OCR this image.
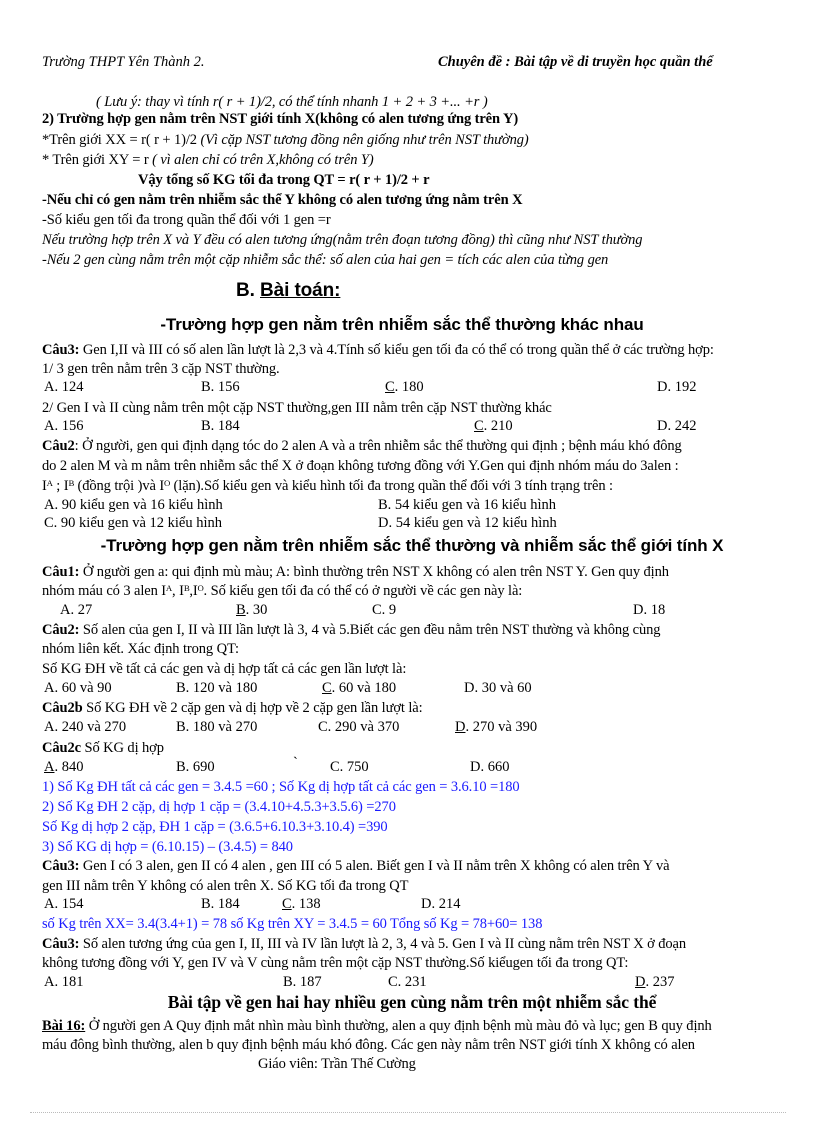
Trường THPT Yên Thành 2.	Chuyên đề : Bài tập về di truyền học quần thể
( Lưu ý: thay vì tính r( r + 1)/2, có thể tính nhanh 1 + 2 + 3 +... +r )
2) Trường hợp gen nằm trên NST giới tính X(không có alen tương ứng trên Y)
*Trên giới XX = r( r + 1)/2 (Vì cặp NST tương đồng nên giống như trên NST thường)
* Trên giới XY = r ( vì alen chỉ có trên X,không có trên Y)
Vậy tổng số KG tối đa trong QT = r( r + 1)/2 + r
-Nếu chỉ có gen nằm trên nhiễm sắc thể Y không có alen tương ứng nằm trên X
-Số kiểu gen tối đa trong quần thể đối với 1 gen =r
Nếu trường hợp trên X và Y đều có alen tương ứng(nằm trên đoạn tương đồng) thì cũng như NST thường
-Nếu 2 gen cùng nằm trên một cặp nhiễm sắc thể: số alen của hai gen = tích các alen của từng gen
B. Bài toán:
-Trường hợp gen nằm trên nhiễm sắc thể thường khác nhau
Câu3: Gen I,II và III có số alen lần lượt là 2,3 và 4.Tính số kiểu gen tối đa có thể có trong quần thể ở các trường hợp:
1/ 3 gen trên nằm trên 3 cặp NST thường.
A. 124	B. 156	C. 180	D. 192
2/ Gen I và II cùng nằm trên một cặp NST thường,gen III nằm trên cặp NST thường khác
A. 156	B. 184	C. 210	D. 242
Câu2: Ở người, gen qui định dạng tóc do 2 alen A và a trên nhiễm sắc thể thường qui định ; bệnh máu khó đông
do 2 alen M và m nằm trên nhiễm sắc thể X ở đoạn không tương đồng với Y.Gen qui định nhóm máu do 3alen :
Iᴬ ; Iᴮ (đồng trội )và Iᴼ (lặn).Số kiểu gen và kiểu hình tối đa trong quần thể đối với 3 tính trạng trên :
A. 90 kiểu gen và 16 kiểu hình	B. 54 kiểu gen và 16 kiểu hình
C. 90 kiểu gen và 12 kiểu hình	D. 54 kiểu gen và 12 kiểu hình
-Trường hợp gen nằm trên nhiễm sắc thể thường và nhiễm sắc thể giới tính X
Câu1: Ở người gen a: qui định mù màu; A: bình thường trên NST X không có alen trên NST Y. Gen quy định
nhóm máu có 3 alen Iᴬ, Iᴮ,Iᴼ. Số kiểu gen tối đa có thể có ở người về các gen này là:
A. 27	B. 30	C. 9	D. 18
Câu2: Số alen của gen I, II và III lần lượt là 3, 4 và 5.Biết các gen đều nằm trên NST thường và không cùng
nhóm liên kết. Xác định trong QT:
Số KG ĐH về tất cả các gen và dị hợp tất cả các gen lần lượt là:
A. 60 và 90	B. 120 và 180	C. 60 và 180	D. 30 và 60
Câu2b Số KG ĐH về 2 cặp gen và dị hợp về 2 cặp gen lần lượt là:
A. 240 và 270	B. 180 và 270	C. 290 và 370	D. 270 và 390
Câu2c Số KG dị hợp
A. 840	B. 690	` C. 750	D. 660
1) Số Kg ĐH tất cả các gen = 3.4.5 =60 ; Số Kg dị hợp tất cả các gen = 3.6.10 =180
2) Số Kg ĐH 2 cặp, dị hợp 1 cặp = (3.4.10+4.5.3+3.5.6) =270
Số Kg dị hợp 2 cặp, ĐH 1 cặp = (3.6.5+6.10.3+3.10.4) =390
3) Số KG dị hợp = (6.10.15) – (3.4.5) = 840
Câu3: Gen I có 3 alen, gen II có 4 alen , gen III có 5 alen. Biết gen I và II nằm trên X không có alen trên Y và
gen III nằm trên Y không có alen trên X. Số KG tối đa trong QT
A. 154	B. 184	C. 138	D. 214
số Kg trên XX= 3.4(3.4+1) = 78 số Kg trên XY = 3.4.5 = 60 Tổng số Kg = 78+60= 138
Câu3: Số alen tương ứng của gen I, II, III và IV lần lượt là 2, 3, 4 và 5. Gen I và II cùng nằm trên NST X ở đoạn
không tương đồng với Y, gen IV và V cùng nằm trên một cặp NST thường.Số kiểugen tối đa trong QT:
A. 181	B. 187	C. 231	D. 237
Bài tập về gen hai hay nhiều gen cùng nằm trên một nhiễm sắc thể
Bài 16: Ở người gen A Quy định mắt nhìn màu bình thường, alen a quy định bệnh mù màu đỏ và lục; gen B quy định
máu đông bình thường, alen b quy định bệnh máu khó đông. Các gen này nằm trên NST giới tính X không có alen
Giáo viên: Trần Thế Cường
